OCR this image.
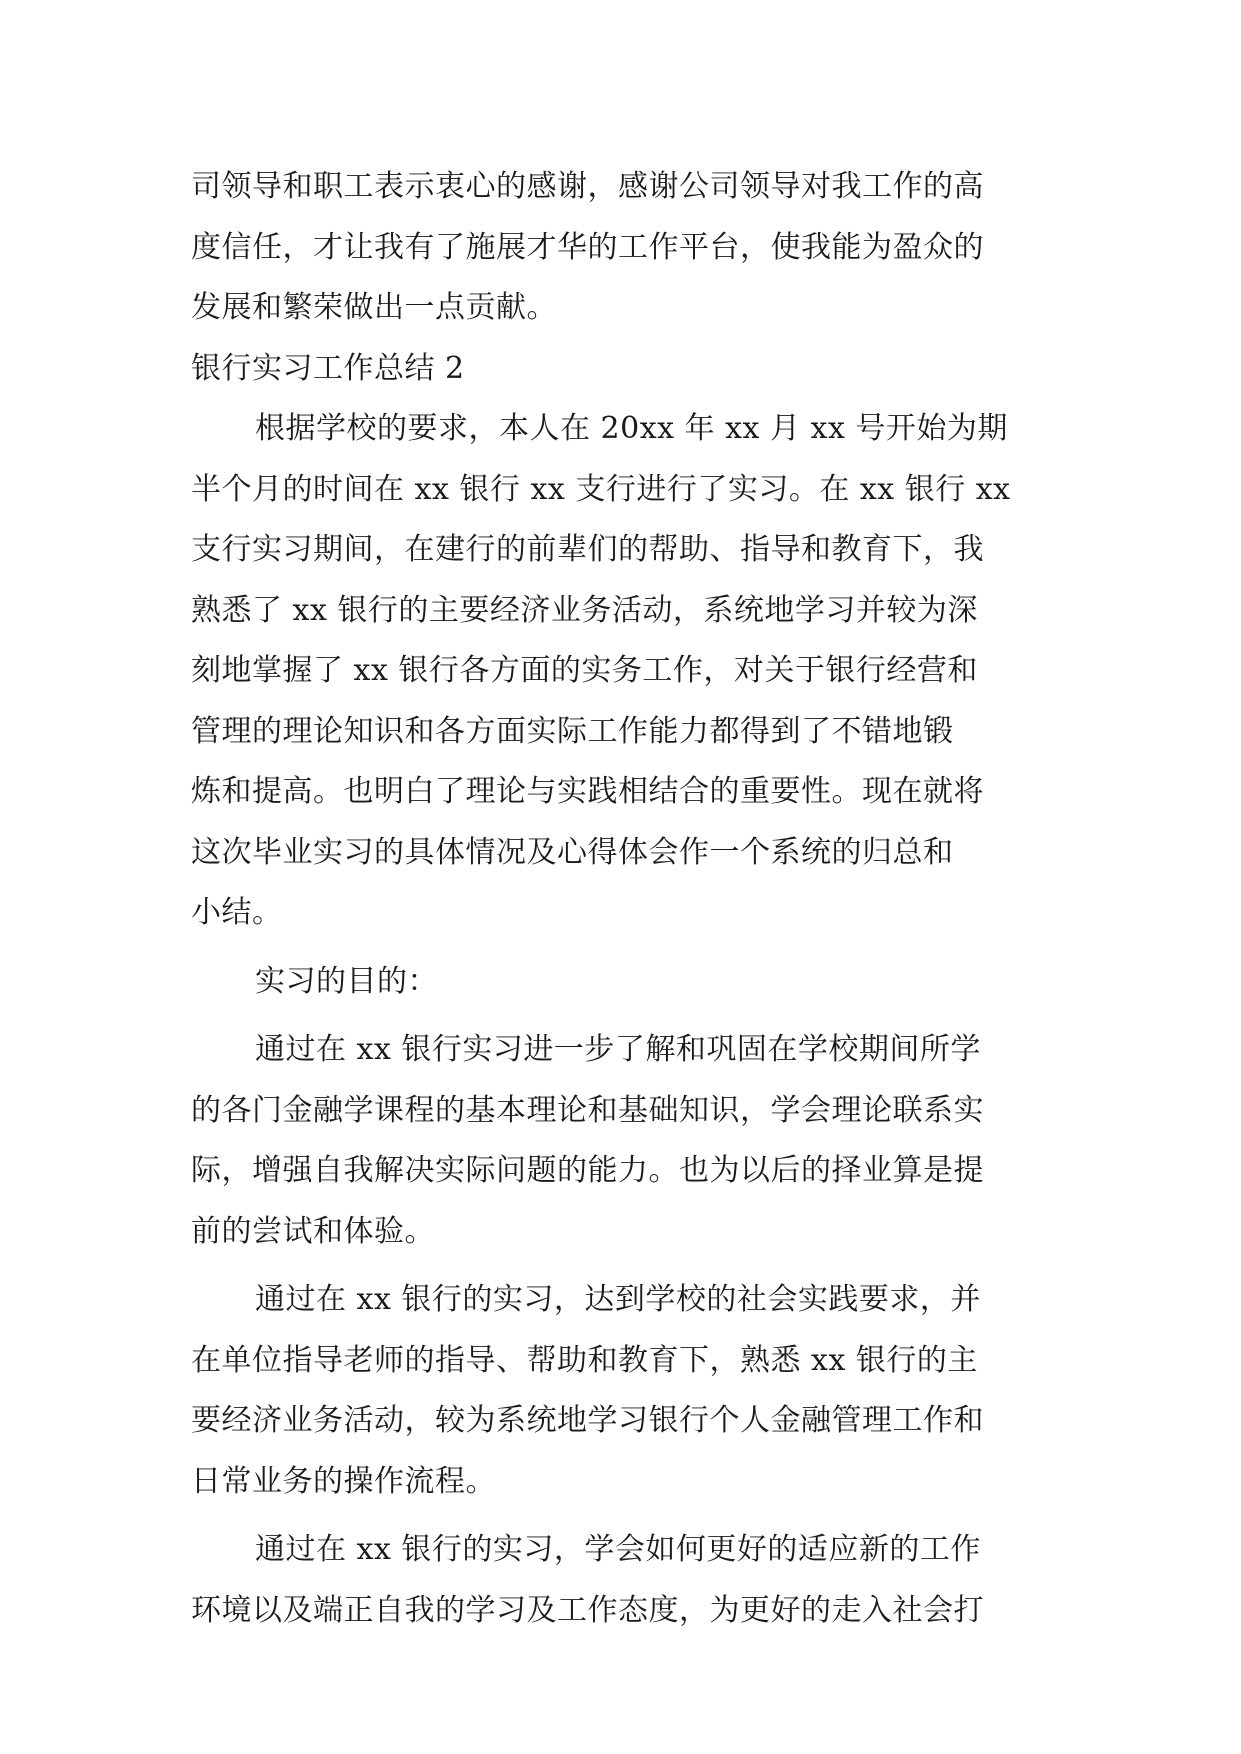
司领导和职工表示衷心的感谢，感谢公司领导对我工作的高
度信任，才让我有了施展才华的工作平台，使我能为盈众的
发展和繁荣做出一点贡献。
银行实习工作总结 2
根据学校的要求，本人在 20xx 年 xx 月 xx 号开始为期
半个月的时间在 xx 银行 xx 支行进行了实习。在 xx 银行 xx
支行实习期间，在建行的前辈们的帮助、指导和教育下，我
熟悉了 xx 银行的主要经济业务活动，系统地学习并较为深
刻地掌握了 xx 银行各方面的实务工作，对关于银行经营和
管理的理论知识和各方面实际工作能力都得到了不错地锻
炼和提高。也明白了理论与实践相结合的重要性。现在就将
这次毕业实习的具体情况及心得体会作一个系统的归总和
小结。
实习的目的：
通过在 xx 银行实习进一步了解和巩固在学校期间所学
的各门金融学课程的基本理论和基础知识，学会理论联系实
际，增强自我解决实际问题的能力。也为以后的择业算是提
前的尝试和体验。
通过在 xx 银行的实习，达到学校的社会实践要求，并
在单位指导老师的指导、帮助和教育下，熟悉 xx 银行的主
要经济业务活动，较为系统地学习银行个人金融管理工作和
日常业务的操作流程。
通过在 xx 银行的实习，学会如何更好的适应新的工作
环境以及端正自我的学习及工作态度，为更好的走入社会打
